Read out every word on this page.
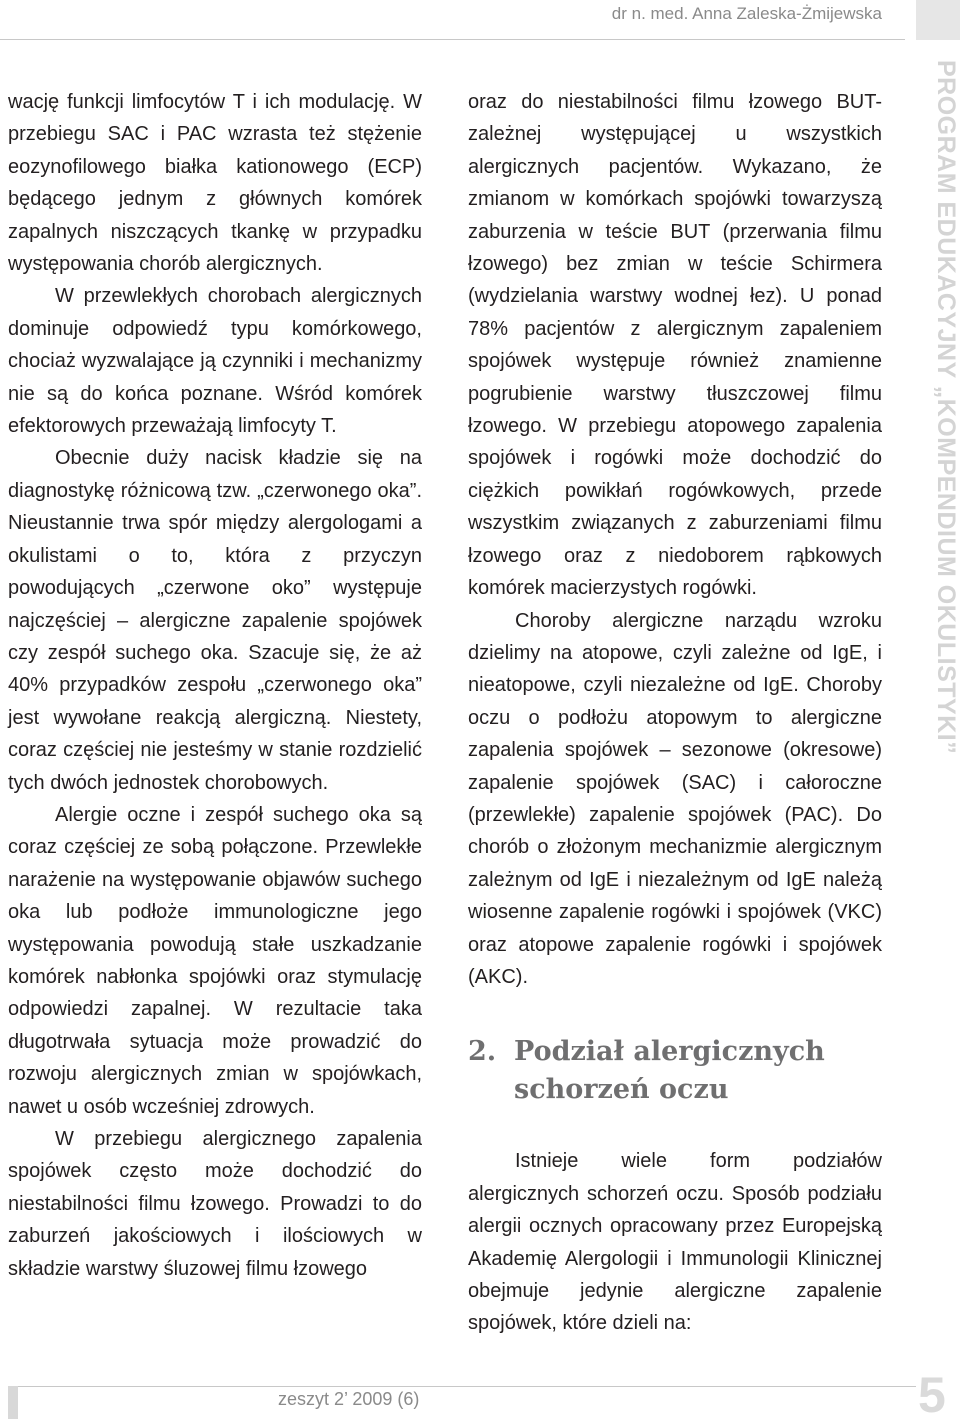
dr n. med. Anna Zaleska-Żmijewska
PROGRAM EDUKACYJNY „KOMPENDIUM OKULISTYKI”

wację funkcji limfocytów T i ich modulację. W przebiegu SAC i PAC wzrasta też stężenie eozynofilowego białka kationowego (ECP) będącego jednym z głównych komórek zapalnych niszczących tkankę w przypadku występowania chorób alergicznych.

W przewlekłych chorobach alergicznych dominuje odpowiedź typu komórkowego, chociaż wyzwalające ją czynniki i mechanizmy nie są do końca poznane. Wśród komórek efektorowych przeważają limfocyty T.

Obecnie duży nacisk kładzie się na diagnostykę różnicową tzw. „czerwonego oka”. Nieustannie trwa spór między alergologami a okulistami o to, która z przyczyn powodujących „czerwone oko” występuje najczęściej – alergiczne zapalenie spojówek czy zespół suchego oka. Szacuje się, że aż 40% przypadków zespołu „czerwonego oka” jest wywołane reakcją alergiczną. Niestety, coraz częściej nie jesteśmy w stanie rozdzielić tych dwóch jednostek chorobowych.

Alergie oczne i zespół suchego oka są coraz częściej ze sobą połączone. Przewlekłe narażenie na występowanie objawów suchego oka lub podłoże immunologiczne jego występowania powodują stałe uszkadzanie komórek nabłonka spojówki oraz stymulację odpowiedzi zapalnej. W rezultacie taka długotrwała sytuacja może prowadzić do rozwoju alergicznych zmian w spojówkach, nawet u osób wcześniej zdrowych.

W przebiegu alergicznego zapalenia spojówek często może dochodzić do niestabilności filmu łzowego. Prowadzi to do zaburzeń jakościowych i ilościowych w składzie warstwy śluzowej filmu łzowego

oraz do niestabilności filmu łzowego BUT-zależnej występującej u wszystkich alergicznych pacjentów. Wykazano, że zmianom w komórkach spojówki towarzyszą zaburzenia w teście BUT (przerwania filmu łzowego) bez zmian w teście Schirmera (wydzielania warstwy wodnej łez). U ponad 78% pacjentów z alergicznym zapaleniem spojówek występuje również znamienne pogrubienie warstwy tłuszczowej filmu łzowego. W przebiegu atopowego zapalenia spojówek i rogówki może dochodzić do ciężkich powikłań rogówkowych, przede wszystkim związanych z zaburzeniami filmu łzowego oraz z niedoborem rąbkowych komórek macierzystych rogówki.

Choroby alergiczne narządu wzroku dzielimy na atopowe, czyli zależne od IgE, i nieatopowe, czyli niezależne od IgE. Choroby oczu o podłożu atopowym to alergiczne zapalenia spojówek – sezonowe (okresowe) zapalenie spojówek (SAC) i całoroczne (przewlekłe) zapalenie spojówek (PAC). Do chorób o złożonym mechanizmie alergicznym zależnym od IgE i niezależnym od IgE należą wiosenne zapalenie rogówki i spojówek (VKC) oraz atopowe zapalenie rogówki i spojówek (AKC).

2. Podział alergicznych schorzeń oczu

Istnieje wiele form podziałów alergicznych schorzeń oczu. Sposób podziału alergii ocznych opracowany przez Europejską Akademię Alergologii i Immunologii Klinicznej obejmuje jedynie alergiczne zapalenie spojówek, które dzieli na:

zeszyt 2’ 2009 (6)	5
